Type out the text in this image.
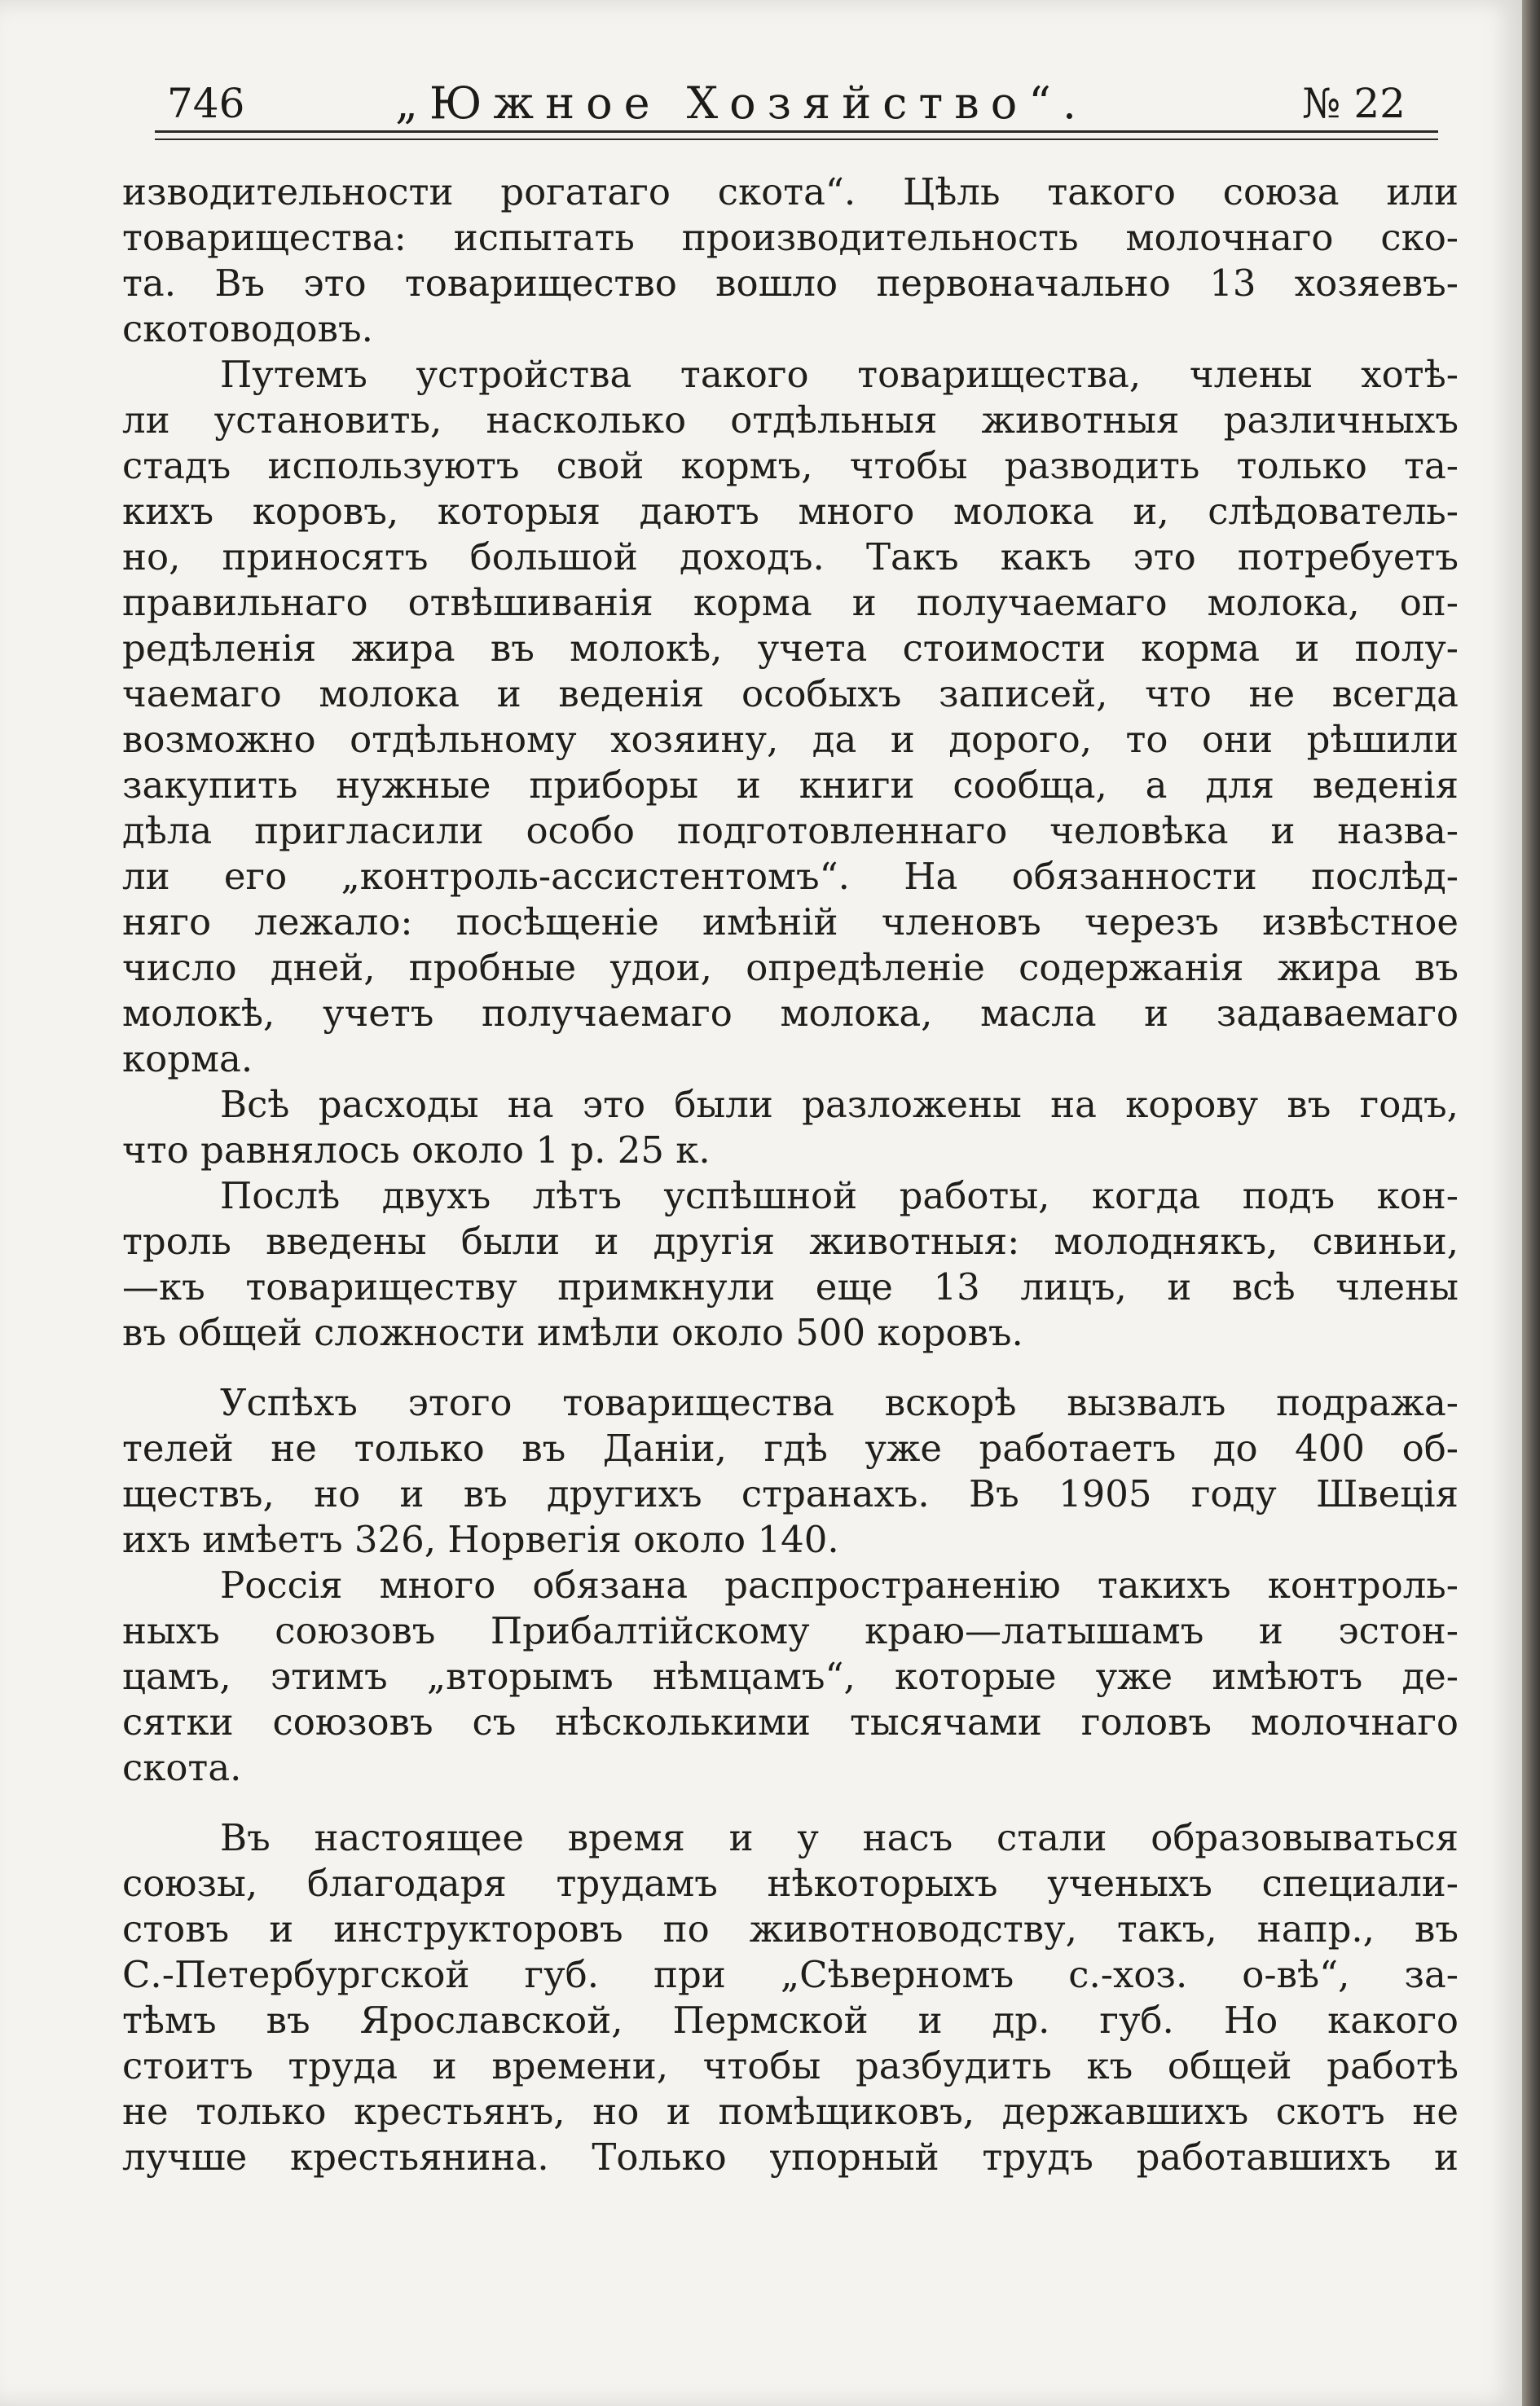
746	„Южное Хозяйство“.	№ 22
изводительности рогатаго скота“. Цѣль такого союза или
товарищества: испытать производительность молочнаго ско-
та. Въ это товарищество вошло первоначально 13 хозяевъ-
скотоводовъ.
Путемъ устройства такого товарищества, члены хотѣ-
ли установить, насколько отдѣльныя животныя различныхъ
стадъ используютъ свой кормъ, чтобы разводить только та-
кихъ коровъ, которыя даютъ много молока и, слѣдователь-
но, приносятъ большой доходъ. Такъ какъ это потребуетъ
правильнаго отвѣшиванія корма и получаемаго молока, оп-
редѣленія жира въ молокѣ, учета стоимости корма и полу-
чаемаго молока и веденія особыхъ записей, что не всегда
возможно отдѣльному хозяину, да и дорого, то они рѣшили
закупить нужные приборы и книги сообща, а для веденія
дѣла пригласили особо подготовленнаго человѣка и назва-
ли его „контроль-ассистентомъ“. На обязанности послѣд-
няго лежало: посѣщеніе имѣній членовъ черезъ извѣстное
число дней, пробные удои, опредѣленіе содержанія жира въ
молокѣ, учетъ получаемаго молока, масла и задаваемаго
корма.
Всѣ расходы на это были разложены на корову въ годъ,
что равнялось около 1 р. 25 к.
Послѣ двухъ лѣтъ успѣшной работы, когда подъ кон-
троль введены были и другія животныя: молоднякъ, свиньи,
—къ товариществу примкнули еще 13 лицъ, и всѣ члены
въ общей сложности имѣли около 500 коровъ.
Успѣхъ этого товарищества вскорѣ вызвалъ подража-
телей не только въ Даніи, гдѣ уже работаетъ до 400 об-
ществъ, но и въ другихъ странахъ. Въ 1905 году Швеція
ихъ имѣетъ 326, Норвегія около 140.
Россія много обязана распространенію такихъ контроль-
ныхъ союзовъ Прибалтійскому краю—латышамъ и эстон-
цамъ, этимъ „вторымъ нѣмцамъ“, которые уже имѣютъ де-
сятки союзовъ съ нѣсколькими тысячами головъ молочнаго
скота.
Въ настоящее время и у насъ стали образовываться
союзы, благодаря трудамъ нѣкоторыхъ ученыхъ специали-
стовъ и инструкторовъ по животноводству, такъ, напр., въ
С.-Петербургской губ. при „Сѣверномъ с.-хоз. о-вѣ“, за-
тѣмъ въ Ярославской, Пермской и др. губ. Но какого
стоитъ труда и времени, чтобы разбудить къ общей работѣ
не только крестьянъ, но и помѣщиковъ, державшихъ скотъ не
лучше крестьянина. Только упорный трудъ работавшихъ и
